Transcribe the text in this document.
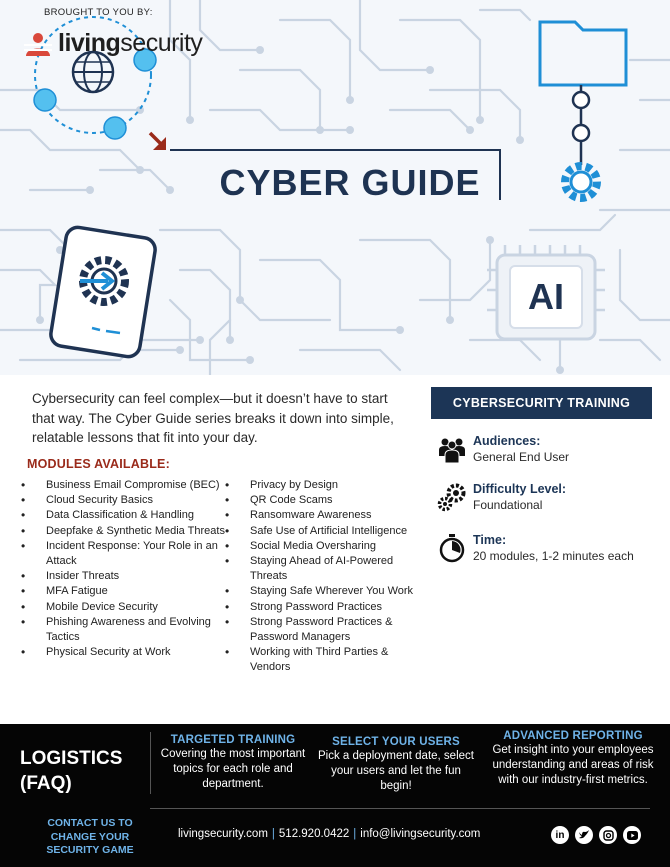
BROUGHT TO YOU BY:
livingsecurity
CYBER GUIDE
AI

Cybersecurity can feel complex—but it doesn’t have to start that way. The Cyber Guide series breaks it down into simple, relatable lessons that fit into your day.

MODULES AVAILABLE:
• Business Email Compromise (BEC)
• Cloud Security Basics
• Data Classification & Handling
• Deepfake & Synthetic Media Threats
• Incident Response: Your Role in an Attack
• Insider Threats
• MFA Fatigue
• Mobile Device Security
• Phishing Awareness and Evolving Tactics
• Physical Security at Work
• Privacy by Design
• QR Code Scams
• Ransomware Awareness
• Safe Use of Artificial Intelligence
• Social Media Oversharing
• Staying Ahead of AI-Powered Threats
• Staying Safe Wherever You Work
• Strong Password Practices
• Strong Password Practices & Password Managers
• Working with Third Parties & Vendors
CYBERSECURITY TRAINING
Audiences:
General End User
Difficulty Level:
Foundational
Time:
20 modules, 1-2 minutes each
LOGISTICS
(FAQ)
TARGETED TRAINING
Covering the most important topics for each role and department.
SELECT YOUR USERS
Pick a deployment date, select your users and let the fun begin!
ADVANCED REPORTING
Get insight into your employees understanding and areas of risk with our industry-first metrics.
CONTACT US TO CHANGE YOUR SECURITY GAME
livingsecurity.com | 512.920.0422 | info@livingsecurity.com	in
